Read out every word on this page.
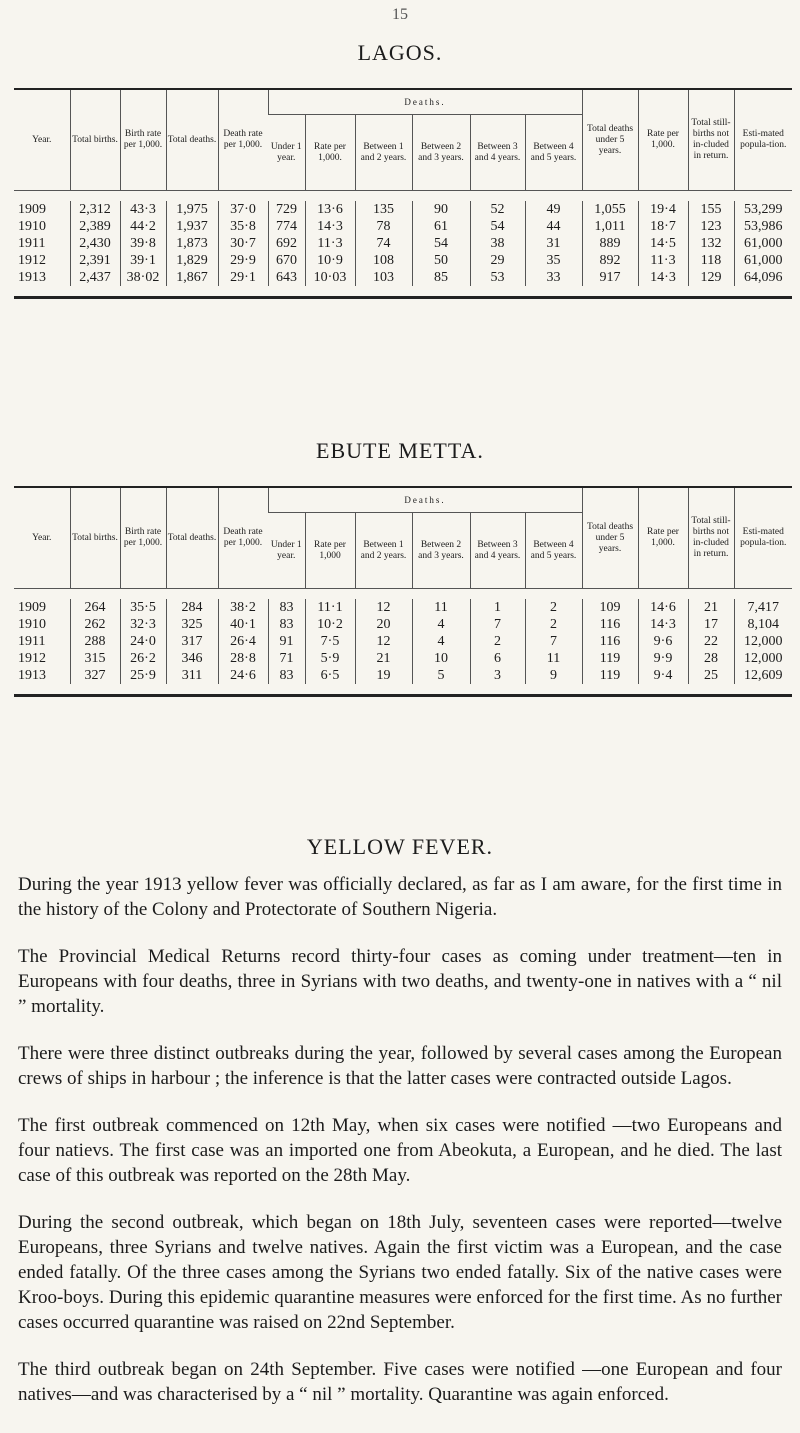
15
LAGOS.
Year.	Total births.	Birth rate per 1,000.	Total deaths.	Death rate per 1,000.	Deaths.						Total deaths under 5 years.	Rate per 1,000.	Total still-births not in-cluded in return.	Esti-mated popula-tion.
					Under 1 year.	Rate per 1,000.	Between 1 and 2 years.	Between 2 and 3 years.	Between 3 and 4 years.	Between 4 and 5 years.				

1909	2,312	43·3	1,975	37·0	729	13·6	135	90	52	49	1,055	19·4	155	53,299
1910	2,389	44·2	1,937	35·8	774	14·3	78	61	54	44	1,011	18·7	123	53,986
1911	2,430	39·8	1,873	30·7	692	11·3	74	54	38	31	889	14·5	132	61,000
1912	2,391	39·1	1,829	29·9	670	10·9	108	50	29	35	892	11·3	118	61,000
1913	2,437	38·02	1,867	29·1	643	10·03	103	85	53	33	917	14·3	129	64,096

EBUTE METTA.
Year.	Total births.	Birth rate per 1,000.	Total deaths.	Death rate per 1,000.	Deaths.						Total deaths under 5 years.	Rate per 1,000.	Total still-births not in-cluded in return.	Esti-mated popula-tion.
					Under 1 year.	Rate per 1,000	Between 1 and 2 years.	Between 2 and 3 years.	Between 3 and 4 years.	Between 4 and 5 years.				

1909	264	35·5	284	38·2	83	11·1	12	11	1	2	109	14·6	21	7,417
1910	262	32·3	325	40·1	83	10·2	20	4	7	2	116	14·3	17	8,104
1911	288	24·0	317	26·4	91	7·5	12	4	2	7	116	9·6	22	12,000
1912	315	26·2	346	28·8	71	5·9	21	10	6	11	119	9·9	28	12,000
1913	327	25·9	311	24·6	83	6·5	19	5	3	9	119	9·4	25	12,609

YELLOW FEVER.

During the year 1913 yellow fever was officially declared, as far as I am aware, for the first time in the history of the Colony and Protectorate of Southern Nigeria.

The Provincial Medical Returns record thirty-four cases as coming under treatment—ten in Europeans with four deaths, three in Syrians with two deaths, and twenty-one in natives with a “ nil ” mortality.

There were three distinct outbreaks during the year, followed by several cases among the European crews of ships in harbour ; the inference is that the latter cases were contracted outside Lagos.

The first outbreak commenced on 12th May, when six cases were notified —two Europeans and four natievs. The first case was an imported one from Abeokuta, a European, and he died. The last case of this outbreak was reported on the 28th May.

During the second outbreak, which began on 18th July, seventeen cases were reported—twelve Europeans, three Syrians and twelve natives. Again the first victim was a European, and the case ended fatally. Of the three cases among the Syrians two ended fatally. Six of the native cases were Kroo-boys. During this epidemic quarantine measures were enforced for the first time. As no further cases occurred quarantine was raised on 22nd September.

The third outbreak began on 24th September. Five cases were notified —one European and four natives—and was characterised by a “ nil ” mortality. Quarantine was again enforced.
